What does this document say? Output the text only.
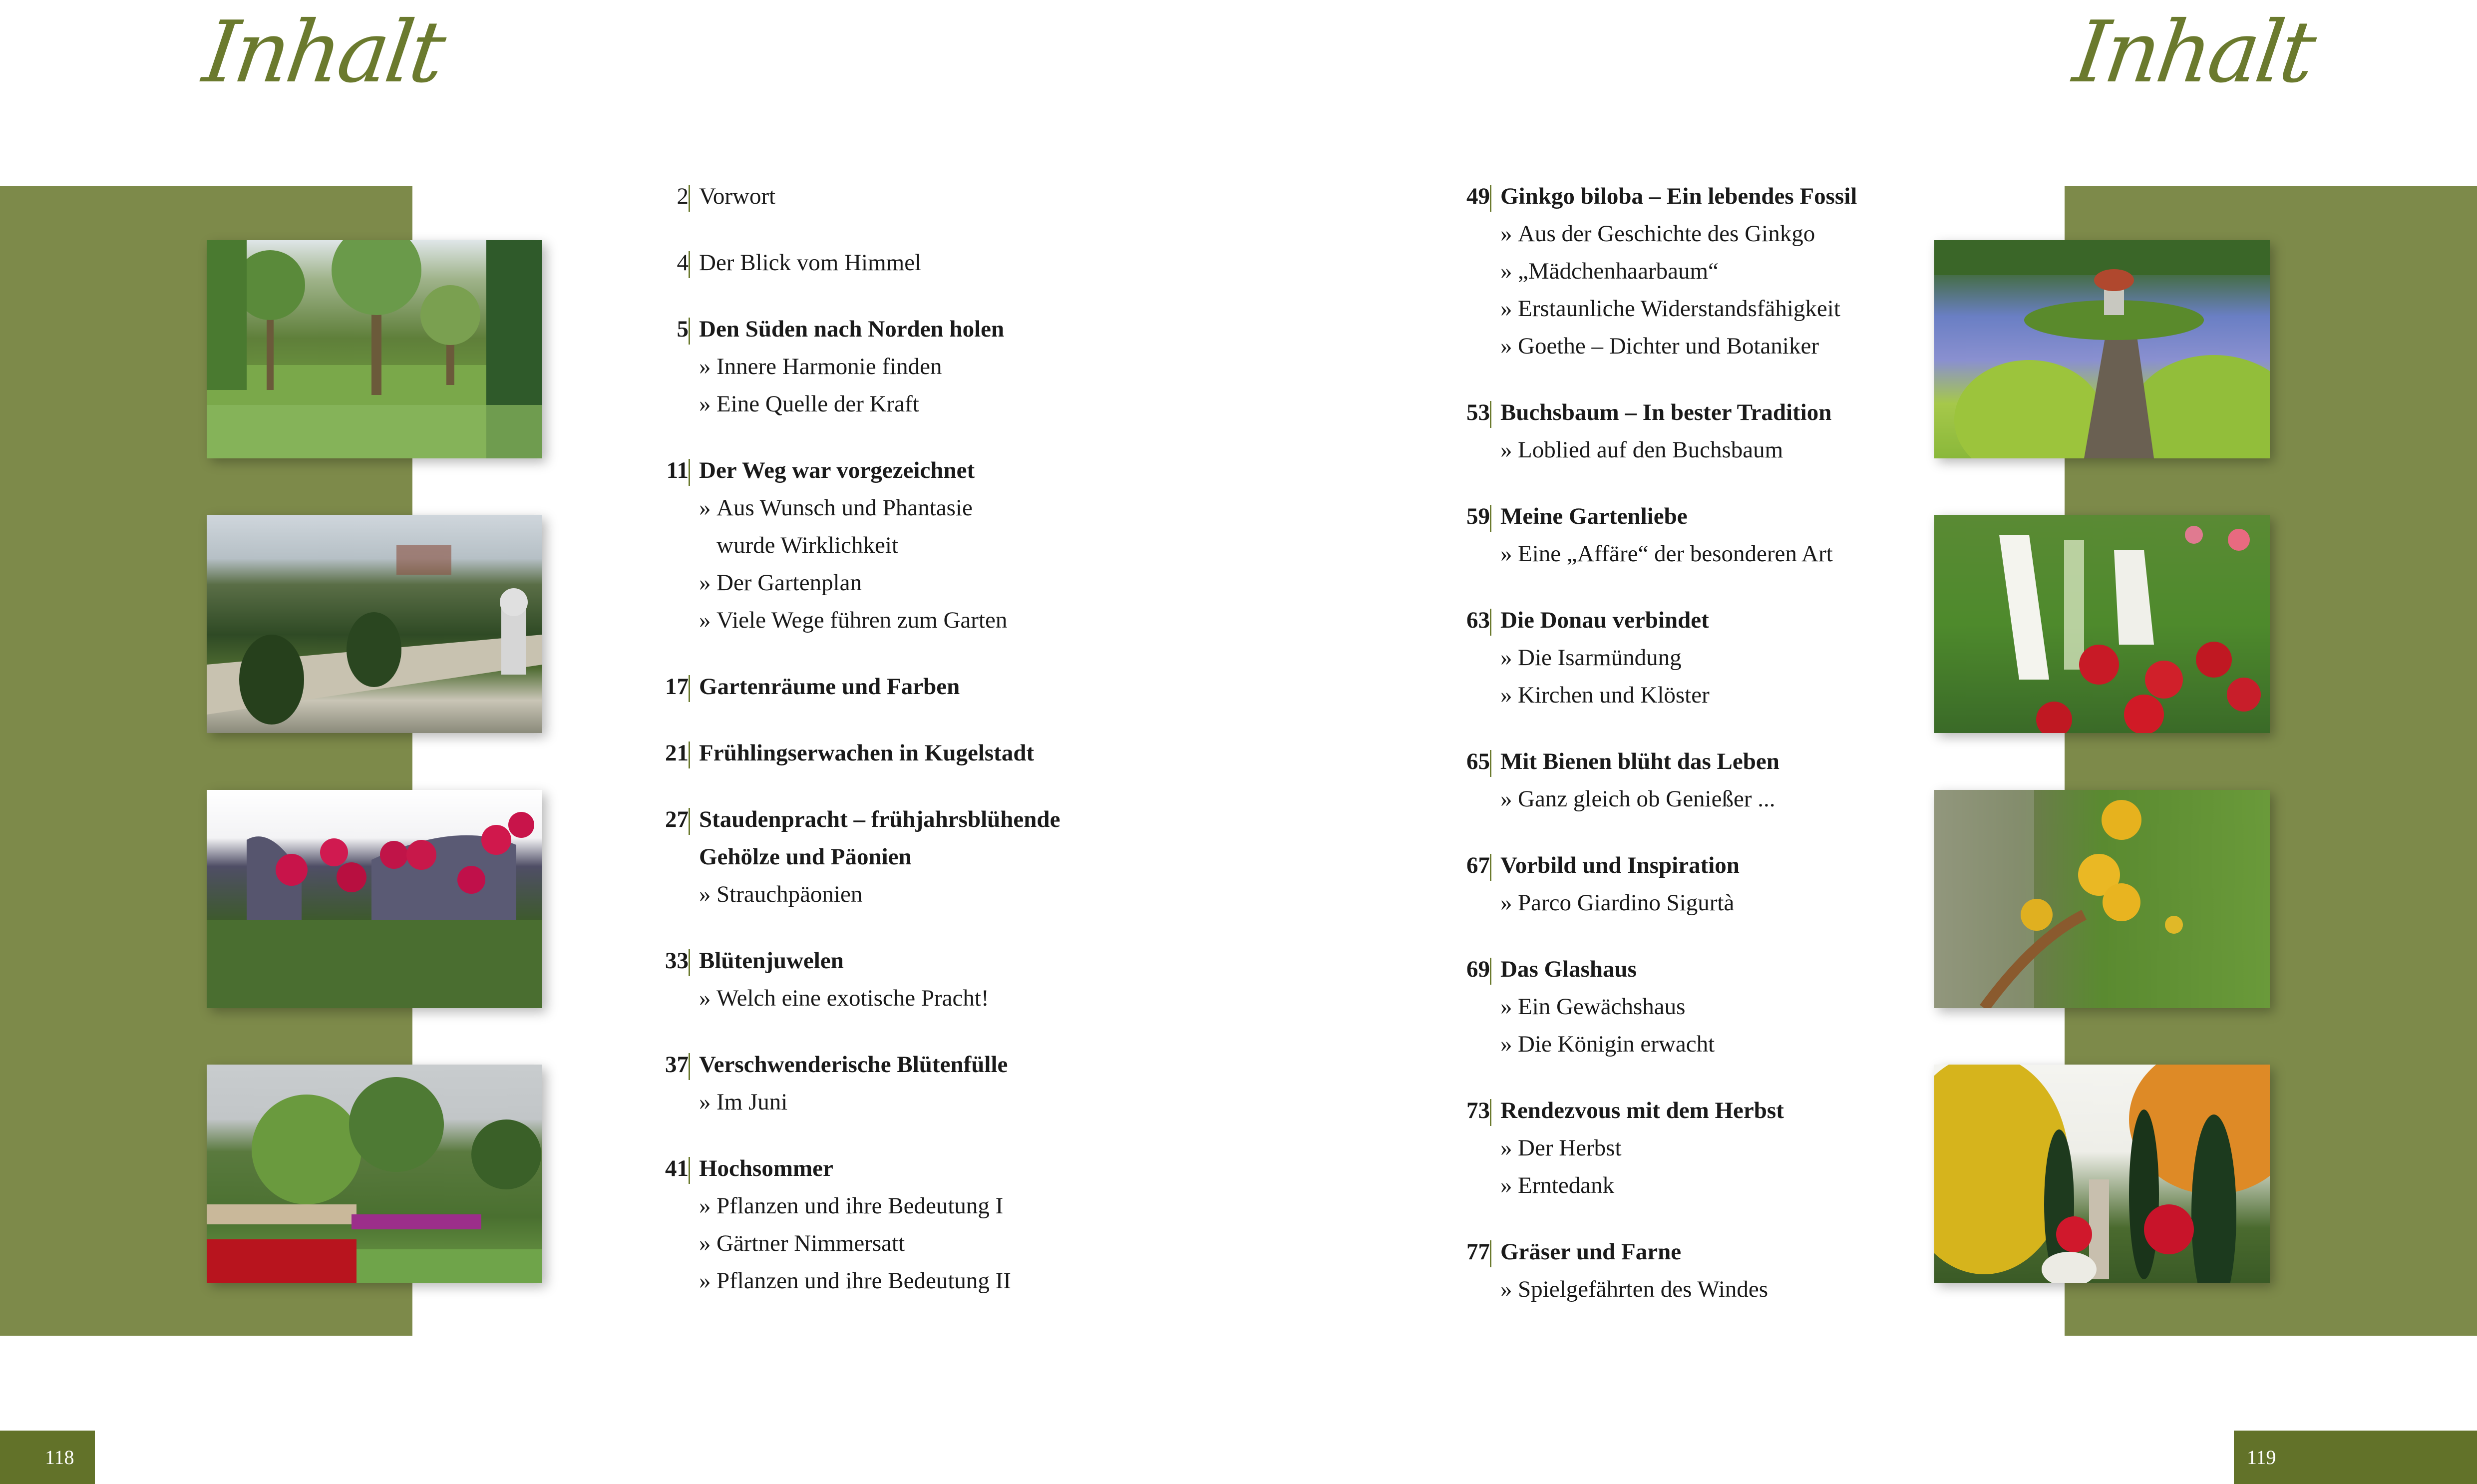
Inhalt
2 Vorwort
4 Der Blick vom Himmel
5 Den Süden nach Norden holen
» Innere Harmonie finden
» Eine Quelle der Kraft
11 Der Weg war vorgezeichnet
» Aus Wunsch und Phantasie
wurde Wirklichkeit
» Der Gartenplan
» Viele Wege führen zum Garten
17 Gartenräume und Farben
21 Frühlingserwachen in Kugelstadt
27 Staudenpracht – frühjahrsblühende
Gehölze und Päonien
» Strauchpäonien
33 Blütenjuwelen
» Welch eine exotische Pracht!
37 Verschwenderische Blütenfülle
» Im Juni
41 Hochsommer
» Pflanzen und ihre Bedeutung I
» Gärtner Nimmersatt
» Pflanzen und ihre Bedeutung II
118
Inhalt
49 Ginkgo biloba – Ein lebendes Fossil
» Aus der Geschichte des Ginkgo
» „Mädchenhaarbaum“
» Erstaunliche Widerstandsfähigkeit
» Goethe – Dichter und Botaniker
53 Buchsbaum – In bester Tradition
» Loblied auf den Buchsbaum
59 Meine Gartenliebe
» Eine „Affäre“ der besonderen Art
63 Die Donau verbindet
» Die Isarmündung
» Kirchen und Klöster
65 Mit Bienen blüht das Leben
» Ganz gleich ob Genießer ...
67 Vorbild und Inspiration
» Parco Giardino Sigurtà
69 Das Glashaus
» Ein Gewächshaus
» Die Königin erwacht
73 Rendezvous mit dem Herbst
» Der Herbst
» Erntedank
77 Gräser und Farne
» Spielgefährten des Windes
119
